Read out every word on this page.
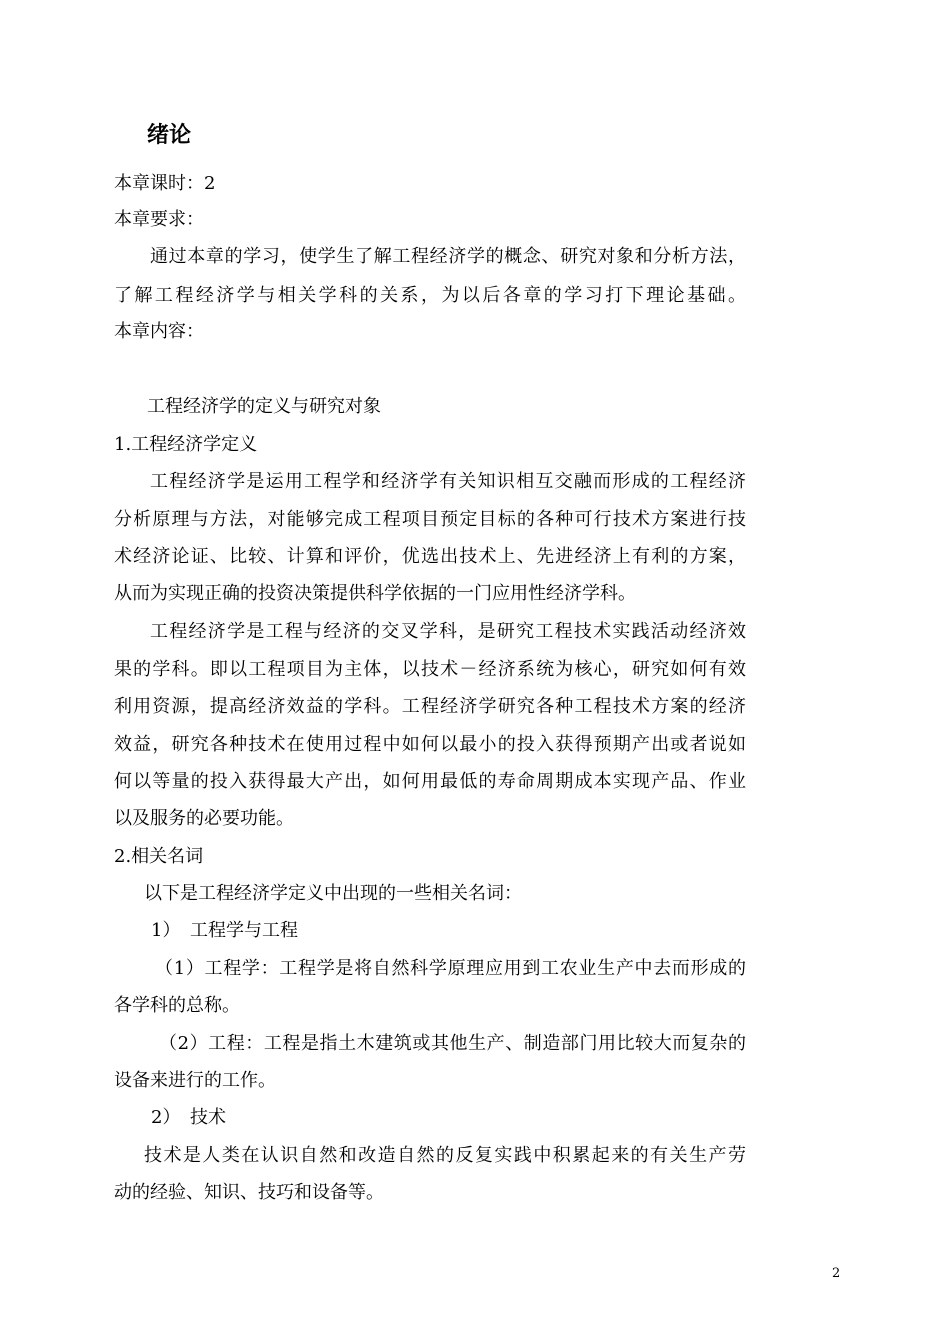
绪论
本章课时：2
本章要求：
通过本章的学习，使学生了解工程经济学的概念、研究对象和分析方法，
了解工程经济学与相关学科的关系，为以后各章的学习打下理论基础。
本章内容：
工程经济学的定义与研究对象
1.工程经济学定义
工程经济学是运用工程学和经济学有关知识相互交融而形成的工程经济
分析原理与方法，对能够完成工程项目预定目标的各种可行技术方案进行技
术经济论证、比较、计算和评价，优选出技术上、先进经济上有利的方案，
从而为实现正确的投资决策提供科学依据的一门应用性经济学科。
工程经济学是工程与经济的交叉学科，是研究工程技术实践活动经济效
果的学科。即以工程项目为主体，以技术－经济系统为核心，研究如何有效
利用资源，提高经济效益的学科。工程经济学研究各种工程技术方案的经济
效益，研究各种技术在使用过程中如何以最小的投入获得预期产出或者说如
何以等量的投入获得最大产出，如何用最低的寿命周期成本实现产品、作业
以及服务的必要功能。
2.相关名词
以下是工程经济学定义中出现的一些相关名词：
1） 工程学与工程
（1）工程学：工程学是将自然科学原理应用到工农业生产中去而形成的
各学科的总称。
（2）工程：工程是指土木建筑或其他生产、制造部门用比较大而复杂的
设备来进行的工作。
2） 技术
技术是人类在认识自然和改造自然的反复实践中积累起来的有关生产劳
动的经验、知识、技巧和设备等。
2
